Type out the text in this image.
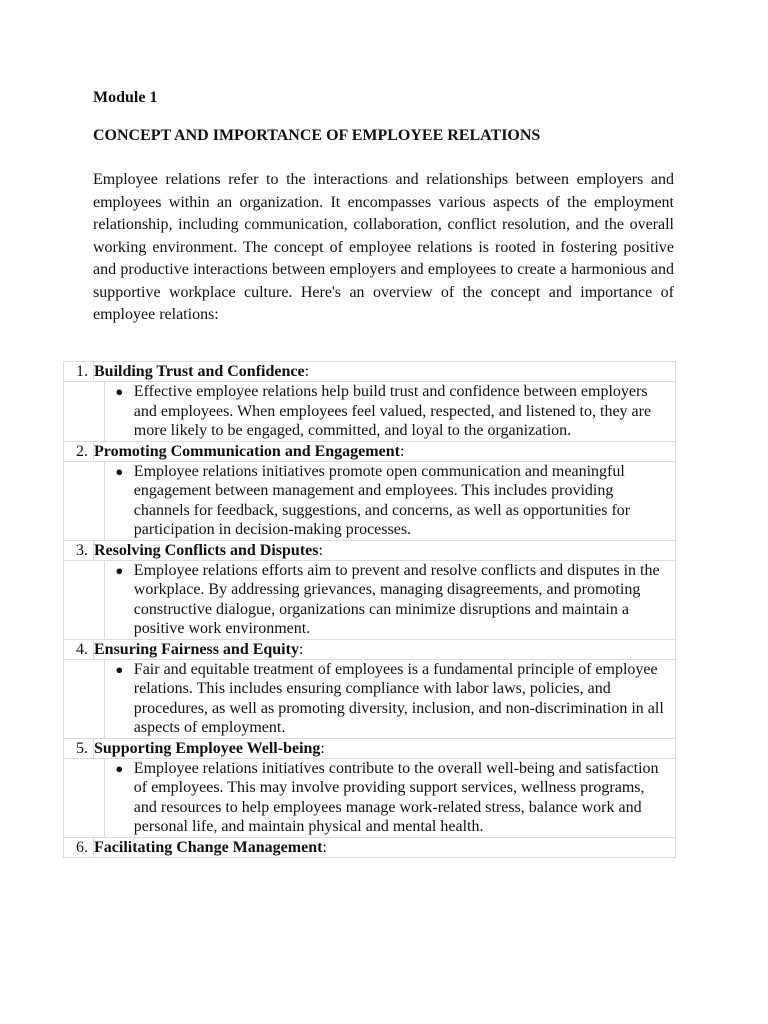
Module 1
CONCEPT AND IMPORTANCE OF EMPLOYEE RELATIONS

Employee relations refer to the interactions and relationships between employers and employees within an organization. It encompasses various aspects of the employment relationship, including communication, collaboration, conflict resolution, and the overall working environment. The concept of employee relations is rooted in fostering positive and productive interactions between employers and employees to create a harmonious and supportive workplace culture. Here's an overview of the concept and importance of employee relations:

1.	Building Trust and Confidence:	

		● Effective employee relations help build trust and confidence between employers and employees. When employees feel valued, respected, and listened to, they are more likely to be engaged, committed, and loyal to the organization.

2.	Promoting Communication and Engagement:	

		● Employee relations initiatives promote open communication and meaningful engagement between management and employees. This includes providing channels for feedback, suggestions, and concerns, as well as opportunities for participation in decision-making processes.

3.	Resolving Conflicts and Disputes:	

		● Employee relations efforts aim to prevent and resolve conflicts and disputes in the workplace. By addressing grievances, managing disagreements, and promoting constructive dialogue, organizations can minimize disruptions and maintain a positive work environment.

4.	Ensuring Fairness and Equity:	

		● Fair and equitable treatment of employees is a fundamental principle of employee relations. This includes ensuring compliance with labor laws, policies, and procedures, as well as promoting diversity, inclusion, and non-discrimination in all aspects of employment.

5.	Supporting Employee Well-being:	

		● Employee relations initiatives contribute to the overall well-being and satisfaction of employees. This may involve providing support services, wellness programs, and resources to help employees manage work-related stress, balance work and personal life, and maintain physical and mental health.

6.	Facilitating Change Management:	
